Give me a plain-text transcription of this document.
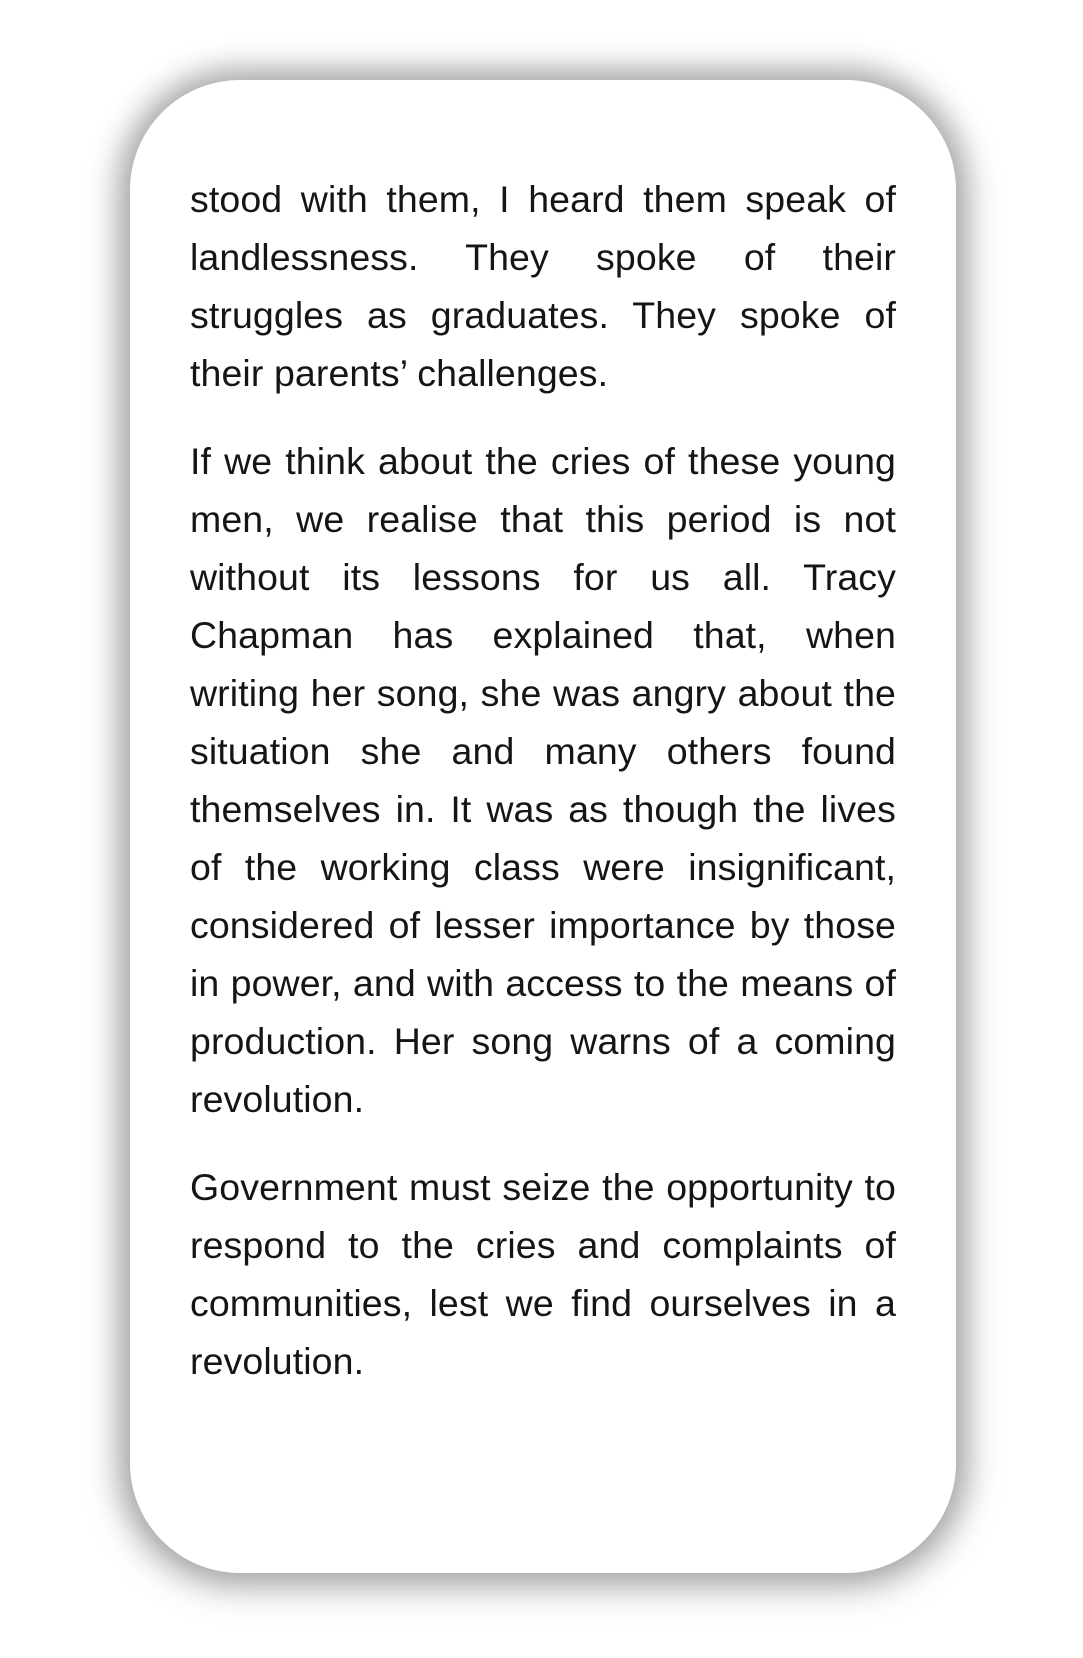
stood with them, I heard them speak of landlessness. They spoke of their struggles as graduates. They spoke of their parents’ challenges.

If we think about the cries of these young men, we realise that this period is not without its lessons for us all. Tracy Chapman has explained that, when writing her song, she was angry about the situation she and many others found themselves in. It was as though the lives of the working class were insignificant, considered of lesser importance by those in power, and with access to the means of production. Her song warns of a coming revolution.

Government must seize the opportunity to respond to the cries and complaints of communities, lest we find ourselves in a revolution.
